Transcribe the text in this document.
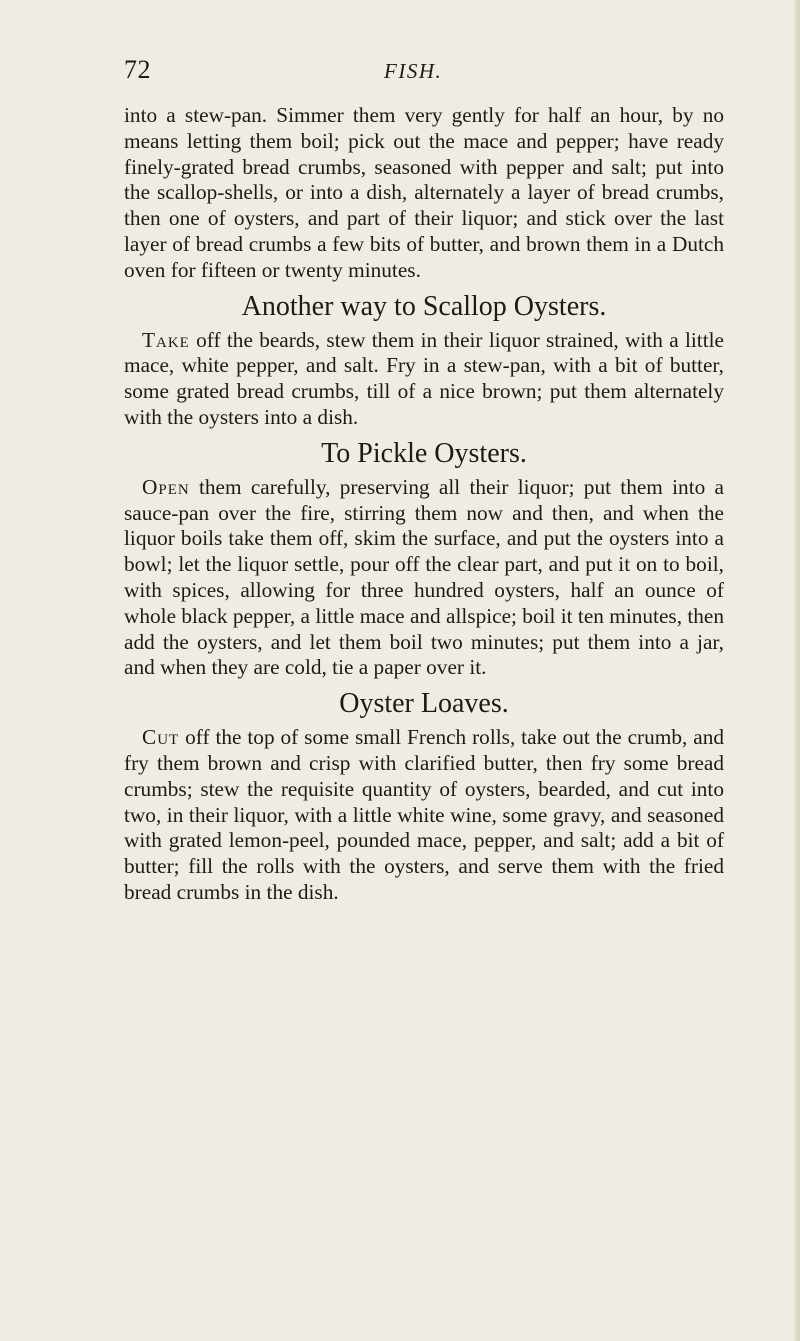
72	FISH.

into a stew-pan. Simmer them very gently for half an hour, by no means letting them boil; pick out the mace and pepper; have ready finely-grated bread crumbs, seasoned with pepper and salt; put into the scallop-shells, or into a dish, alternately a layer of bread crumbs, then one of oysters, and part of their liquor; and stick over the last layer of bread crumbs a few bits of butter, and brown them in a Dutch oven for fifteen or twenty minutes.

Another way to Scallop Oysters.

Take off the beards, stew them in their liquor strained, with a little mace, white pepper, and salt. Fry in a stew-pan, with a bit of butter, some grated bread crumbs, till of a nice brown; put them alternately with the oysters into a dish.

To Pickle Oysters.

Open them carefully, preserving all their liquor; put them into a sauce-pan over the fire, stirring them now and then, and when the liquor boils take them off, skim the surface, and put the oysters into a bowl; let the liquor settle, pour off the clear part, and put it on to boil, with spices, allowing for three hundred oysters, half an ounce of whole black pepper, a little mace and allspice; boil it ten minutes, then add the oysters, and let them boil two minutes; put them into a jar, and when they are cold, tie a paper over it.

Oyster Loaves.

Cut off the top of some small French rolls, take out the crumb, and fry them brown and crisp with clarified butter, then fry some bread crumbs; stew the requisite quantity of oysters, bearded, and cut into two, in their liquor, with a little white wine, some gravy, and seasoned with grated lemon-peel, pounded mace, pepper, and salt; add a bit of butter; fill the rolls with the oysters, and serve them with the fried bread crumbs in the dish.
